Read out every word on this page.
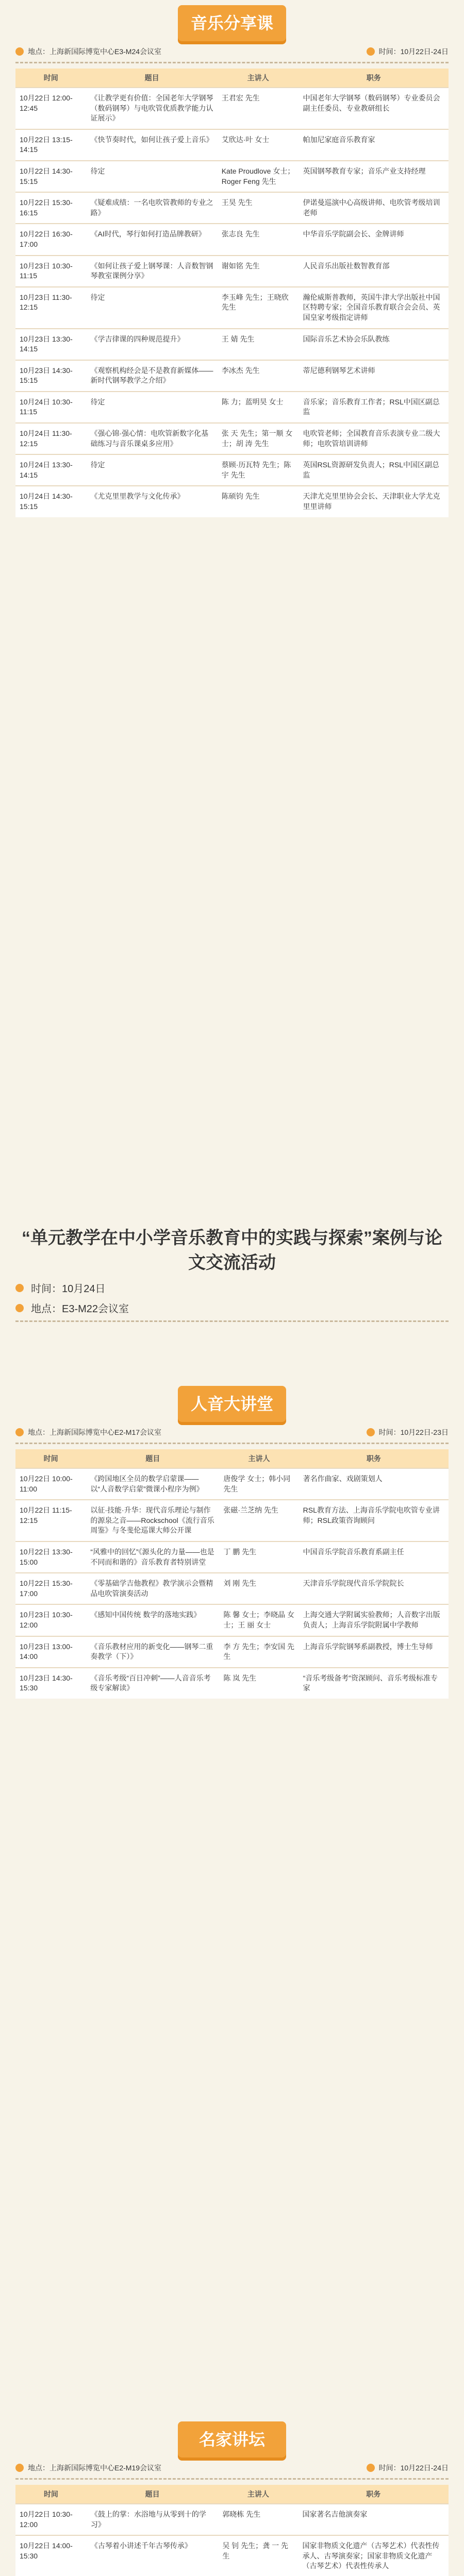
音乐分享课
地点：上海新国际博览中心E3-M24会议室	时间：10月22日-24日
时间	题目	主讲人	职务
10月22日 12:00-12:45	《让教学更有价值：全国老年大学钢琴（数码钢琴）与电吹管优质教学能力认证展示》	王君宏 先生	中国老年大学钢琴（数码钢琴）专业委员会副主任委员、专业教研组长
10月22日 13:15-14:15	《快节奏时代，如何让孩子爱上音乐》	艾欣达·叶 女士	帕加尼家庭音乐教育家
10月22日 14:30-15:15	待定	Kate Proudlove 女士；Roger Feng 先生	英国钢琴教育专家；音乐产业支持经理
10月22日 15:30-16:15	《疑难成绩：一名电吹管教师的专业之路》	王昊 先生	伊诺曼巡演中心高级讲师、电吹管考级培训老师
10月22日 16:30-17:00	《AI时代，琴行如何打造品牌教研》	张志良 先生	中华音乐学院副会长、金牌讲师
10月23日 10:30-11:15	《如何让孩子爱上钢琴课：人音数智钢琴教室课例分享》	谢如铭 先生	人民音乐出版社数智教育部
10月23日 11:30-12:15	待定	李玉峰 先生；王晓欣 先生	瀚伦威斯普教师，英国牛津大学出版社中国区特聘专家；全国音乐教育联合会会员、英国皇家考级指定讲师
10月23日 13:30-14:15	《学吉律课的四种规范提升》	王 婧 先生	国际音乐艺术协会乐队教练
10月23日 14:30-15:15	《观察机构经会是不是教育新媒体——新时代钢琴教学之介绍》	李冰杰 先生	蒂尼德利钢琴艺术讲师
10月24日 10:30-11:15	待定	陈 力；蓝明昊 女士	音乐家；音乐教育工作者；RSL中国区副总监
10月24日 11:30-12:15	《强心锦·强心情：电吹管新数字化基础练习与音乐课桌多应用》	张 天 先生；第一顺 女士；胡 涛 先生	电吹管老师；全国教育音乐表演专业二级大师；电吹管培训讲师
10月24日 13:30-14:15	待定	蔡顾·历瓦特 先生；陈宇 先生	英国RSL资源研发负责人；RSL中国区副总监
10月24日 14:30-15:15	《尤克里里教学与文化传承》	陈硕钧 先生	天津尤克里里协会会长、天津职业大学尤克里里讲师
“单元教学在中小学音乐教育中的实践与探索”案例与论文交流活动
时间：10月24日
地点：E3-M22会议室
人音大讲堂
地点：上海新国际博览中心E2-M17会议室	时间：10月22日-23日
时间	题目	主讲人	职务
10月22日 10:00-11:00	《跨国地区全员的数学启蒙课——以“人音数学启蒙”微课小程序为例》	唐俊学 女士；韩小同 先生	著名作曲家、戏剧策划人
10月22日 11:15-12:15	以征·技能·升华：现代音乐理论与制作的源泉之音——Rockschool《流行音乐周鉴》与冬斐伦巡课大师公开课	张磁·兰芝纳 先生	RSL教育方法、上海音乐学院电吹管专业讲师；RSL政策咨询顾问
10月22日 13:30-15:00	“风雅中的回忆”《源头化的力量——也是不同而和谐的》音乐教育者特别讲堂	丁 鹏 先生	中国音乐学院音乐教育系副主任
10月22日 15:30-17:00	《零基础学吉他教程》教学演示会暨精品电吹管演奏活动	刘 刚 先生	天津音乐学院现代音乐学院院长
10月23日 10:30-12:00	《感知中国传统 数学的落地实践》	陈 馨 女士；李晓晶 女士；王 丽 女士	上海交通大学附属实验教师；人音数字出版负责人；上海音乐学院附属中学教师
10月23日 13:00-14:00	《音乐教材应用的新变化——钢琴二重奏教学（下）》	李 方 先生；李安国 先生	上海音乐学院钢琴系副教授，博士生导师
10月23日 14:30-15:30	《音乐考级“百日冲刺”——人音音乐考级专家解读》	陈 岚 先生	“音乐考级备考”资深顾问、音乐考级标准专家
名家讲坛
地点：上海新国际博览中心E2-M19会议室	时间：10月22日-24日
时间	题目	主讲人	职务
10月22日 10:30-12:00	《鼓上的掌：水浴地与从零到十的学习》	郭晓栋 先生	国家著名吉他演奏家
10月22日 14:00-15:30	《古琴着小讲述千年古琴传承》	吴 钊 先生；龚 一 先生	国家非物质文化遗产（古琴艺术）代表性传承人、古琴演奏家；国家非物质文化遗产（古琴艺术）代表性传承人
